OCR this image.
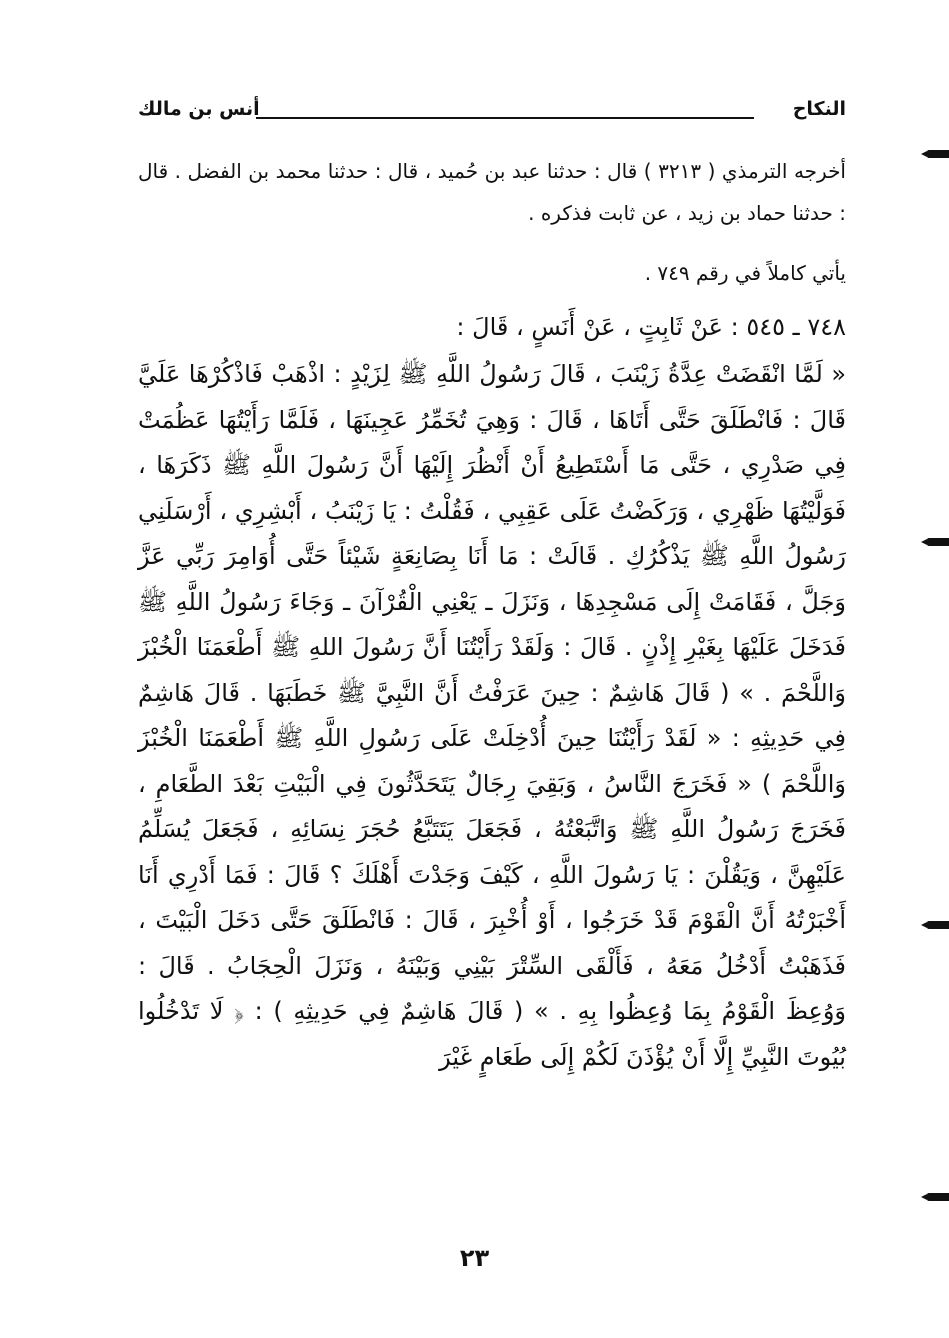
النكاح
أنس بن مالك
أخرجه الترمذي ( ٣٢١٣ ) قال : حدثنا عبد بن حُميد ، قال : حدثنا محمد بن الفضل . قال : حدثنا حماد بن زيد ، عن ثابت فذكره .
يأتي كاملاً في رقم ٧٤٩ .
٧٤٨ ـ ٥٤٥ : عَنْ ثَابِتٍ ، عَنْ أَنَسٍ ، قَالَ :
« لَمَّا انْقَضَتْ عِدَّةُ زَيْنَبَ ، قَالَ رَسُولُ اللَّهِ ﷺ لِزَيْدٍ : اذْهَبْ فَاذْكُرْهَا عَلَيَّ قَالَ : فَانْطَلَقَ حَتَّى أَتَاهَا ، قَالَ : وَهِيَ تُخَمِّرُ عَجِينَهَا ، فَلَمَّا رَأَيْتُهَا عَظُمَتْ فِي صَدْرِي ، حَتَّى مَا أَسْتَطِيعُ أَنْ أَنْظُرَ إِلَيْهَا أَنَّ رَسُولَ اللَّهِ ﷺ ذَكَرَهَا ، فَوَلَّيْتُهَا ظَهْرِي ، وَرَكَضْتُ عَلَى عَقِبِي ، فَقُلْتُ : يَا زَيْنَبُ ، أَبْشِرِي ، أَرْسَلَنِي رَسُولُ اللَّهِ ﷺ يَذْكُرُكِ . قَالَتْ : مَا أَنَا بِصَانِعَةٍ شَيْئاً حَتَّى أُوَامِرَ رَبِّي عَزَّ وَجَلَّ ، فَقَامَتْ إِلَى مَسْجِدِهَا ، وَنَزَلَ ـ يَعْنِي الْقُرْآنَ ـ وَجَاءَ رَسُولُ اللَّهِ ﷺ فَدَخَلَ عَلَيْهَا بِغَيْرِ إِذْنٍ . قَالَ : وَلَقَدْ رَأَيْتُنَا أَنَّ رَسُولَ اللهِ ﷺ أَطْعَمَنَا الْخُبْزَ وَاللَّحْمَ . » ( قَالَ هَاشِمٌ : حِينَ عَرَفْتُ أَنَّ النَّبِيَّ ﷺ خَطَبَهَا . قَالَ هَاشِمٌ فِي حَدِيثِهِ : « لَقَدْ رَأَيْتُنَا حِينَ أُدْخِلَتْ عَلَى رَسُولِ اللَّهِ ﷺ أَطْعَمَنَا الْخُبْزَ وَاللَّحْمَ ) « فَخَرَجَ النَّاسُ ، وَبَقِيَ رِجَالٌ يَتَحَدَّثُونَ فِي الْبَيْتِ بَعْدَ الطَّعَامِ ، فَخَرَجَ رَسُولُ اللَّهِ ﷺ وَاتَّبَعْتُهُ ، فَجَعَلَ يَتَتَبَّعُ حُجَرَ نِسَائِهِ ، فَجَعَلَ يُسَلِّمُ عَلَيْهِنَّ ، وَيَقُلْنَ : يَا رَسُولَ اللَّهِ ، كَيْفَ وَجَدْتَ أَهْلَكَ ؟ قَالَ : فَمَا أَدْرِي أَنَا أَخْبَرْتُهُ أَنَّ الْقَوْمَ قَدْ خَرَجُوا ، أَوْ أُخْبِرَ ، قَالَ : فَانْطَلَقَ حَتَّى دَخَلَ الْبَيْتَ ، فَذَهَبْتُ أَدْخُلُ مَعَهُ ، فَأَلْقَى السِّتْرَ بَيْنِي وَبَيْنَهُ ، وَنَزَلَ الْحِجَابُ . قَالَ : وَوُعِظَ الْقَوْمُ بِمَا وُعِظُوا بِهِ . » ( قَالَ هَاشِمٌ فِي حَدِيثِهِ ) : ﴿ لَا تَدْخُلُوا بُيُوتَ النَّبِيِّ إِلَّا أَنْ يُؤْذَنَ لَكُمْ إِلَى طَعَامٍ غَيْرَ
٢٣
